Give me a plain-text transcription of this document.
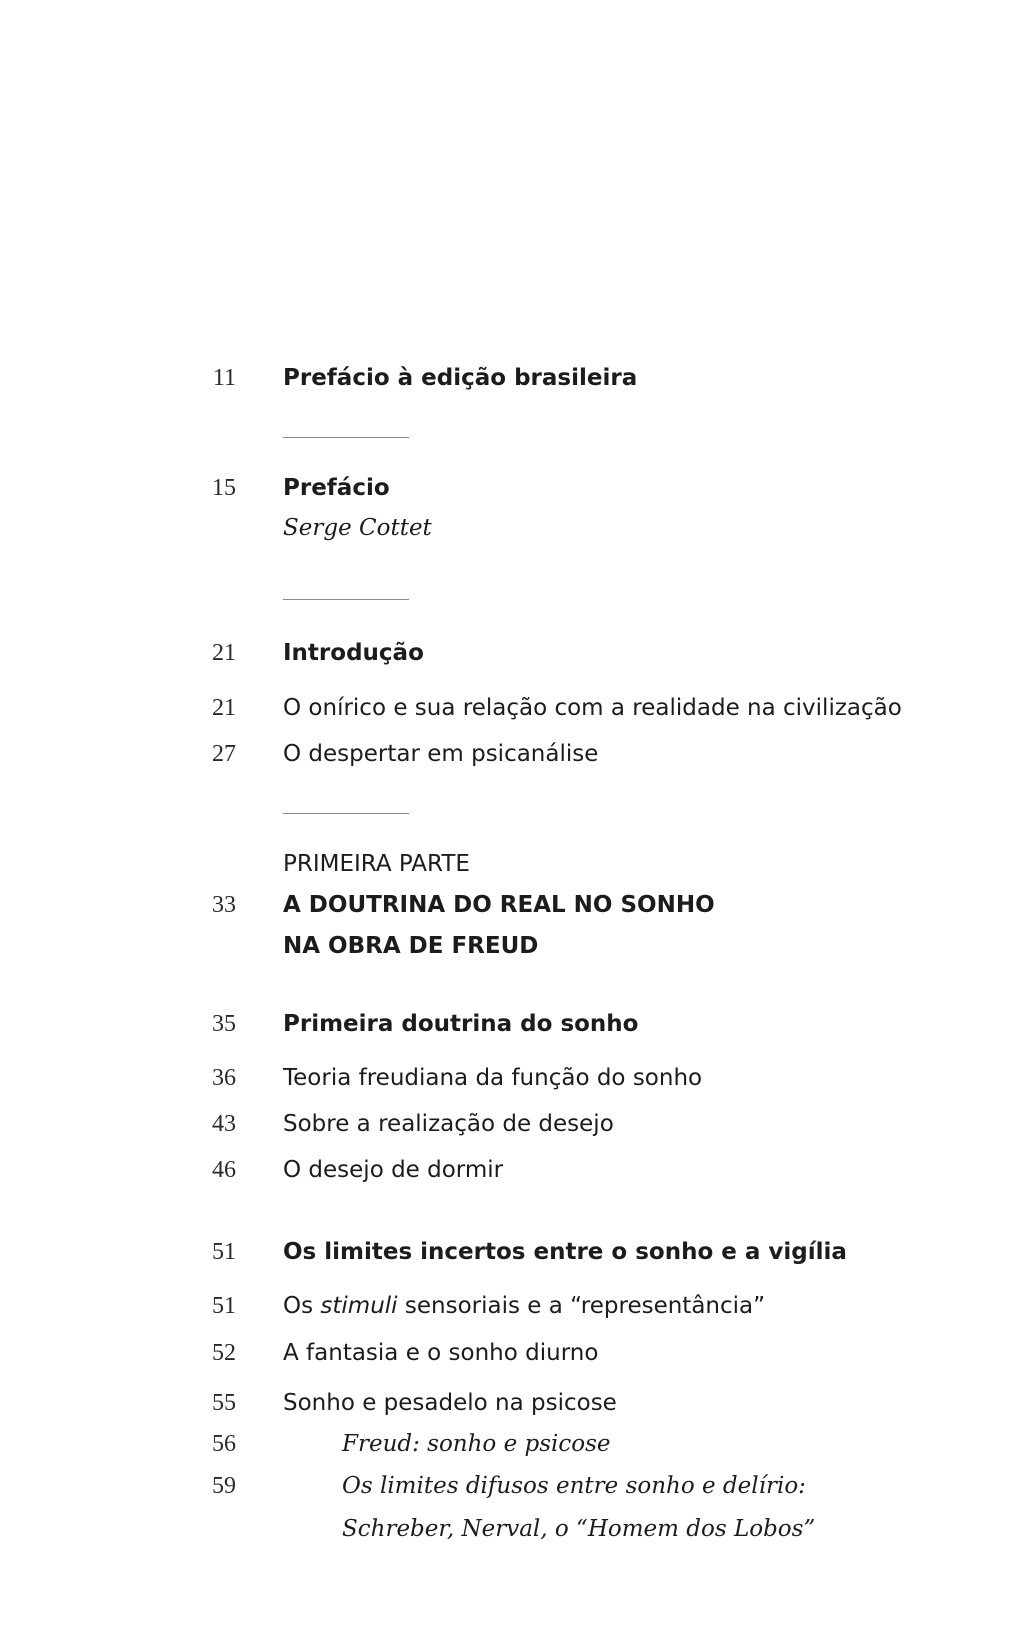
11 Prefácio à edição brasileira
15 Prefácio
Serge Cottet
21 Introdução
21 O onírico e sua relação com a realidade na civilização
27 O despertar em psicanálise
PRIMEIRA PARTE
33 A DOUTRINA DO REAL NO SONHO
NA OBRA DE FREUD
35 Primeira doutrina do sonho
36 Teoria freudiana da função do sonho
43 Sobre a realização de desejo
46 O desejo de dormir
51 Os limites incertos entre o sonho e a vigília
51 Os stimuli sensoriais e a “representância”
52 A fantasia e o sonho diurno
55 Sonho e pesadelo na psicose
56	Freud: sonho e psicose
59	Os limites difusos entre sonho e delírio:
Schreber, Nerval, o “Homem dos Lobos”
